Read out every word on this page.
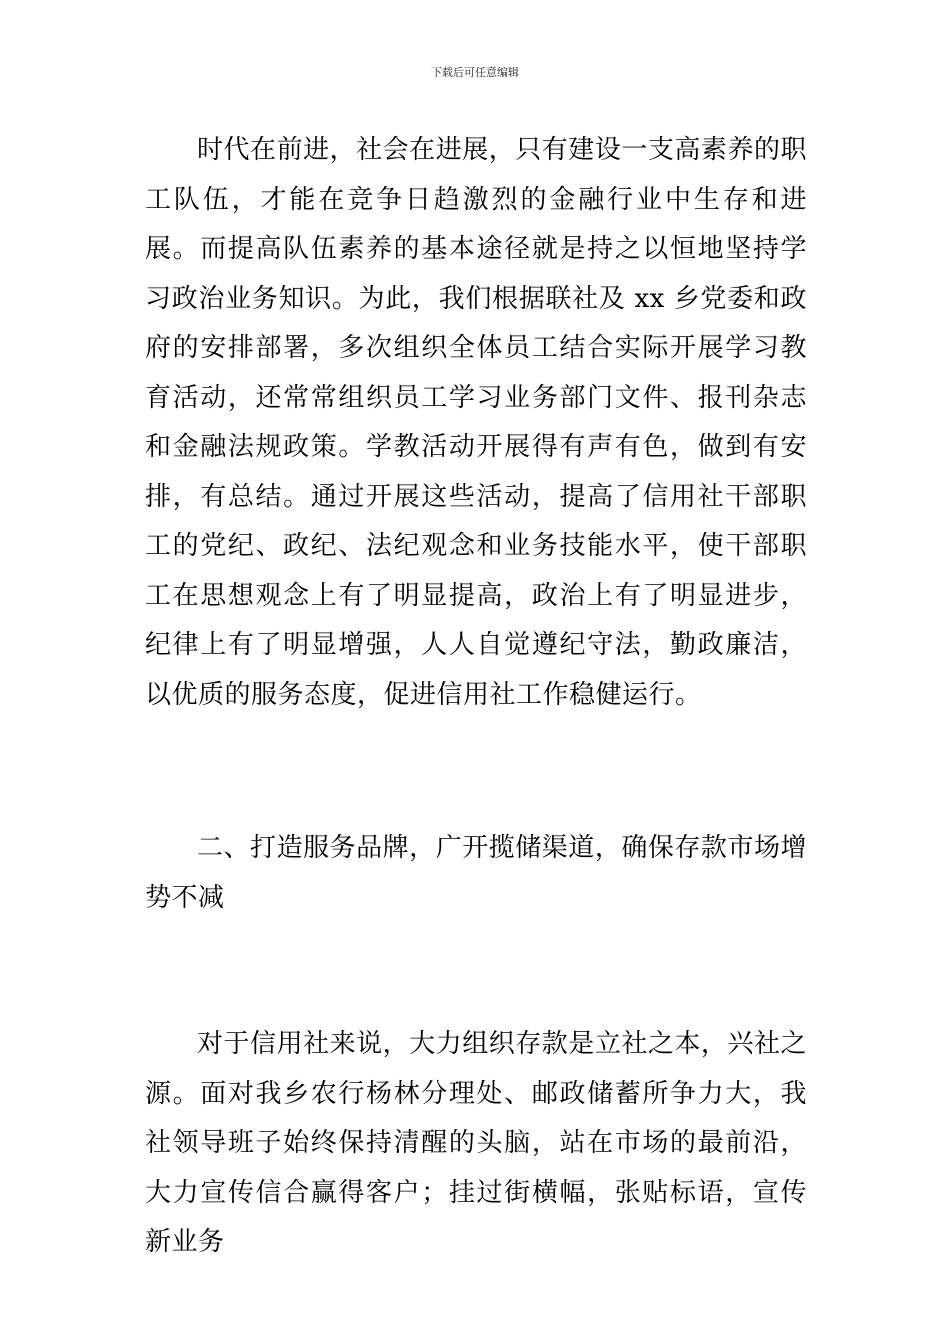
下载后可任意编辑

时代在前进，社会在进展，只有建设一支高素养的职工队伍，才能在竞争日趋激烈的金融行业中生存和进展。而提高队伍素养的基本途径就是持之以恒地坚持学习政治业务知识。为此，我们根据联社及 xx 乡党委和政府的安排部署，多次组织全体员工结合实际开展学习教育活动，还常常组织员工学习业务部门文件、报刊杂志和金融法规政策。学教活动开展得有声有色，做到有安排，有总结。通过开展这些活动，提高了信用社干部职工的党纪、政纪、法纪观念和业务技能水平，使干部职工在思想观念上有了明显提高，政治上有了明显进步，纪律上有了明显增强，人人自觉遵纪守法，勤政廉洁，以优质的服务态度，促进信用社工作稳健运行。

二、打造服务品牌，广开揽储渠道，确保存款市场增势不减

对于信用社来说，大力组织存款是立社之本，兴社之源。面对我乡农行杨林分理处、邮政储蓄所争力大，我社领导班子始终保持清醒的头脑，站在市场的最前沿，大力宣传信合赢得客户；挂过街横幅，张贴标语，宣传新业务
